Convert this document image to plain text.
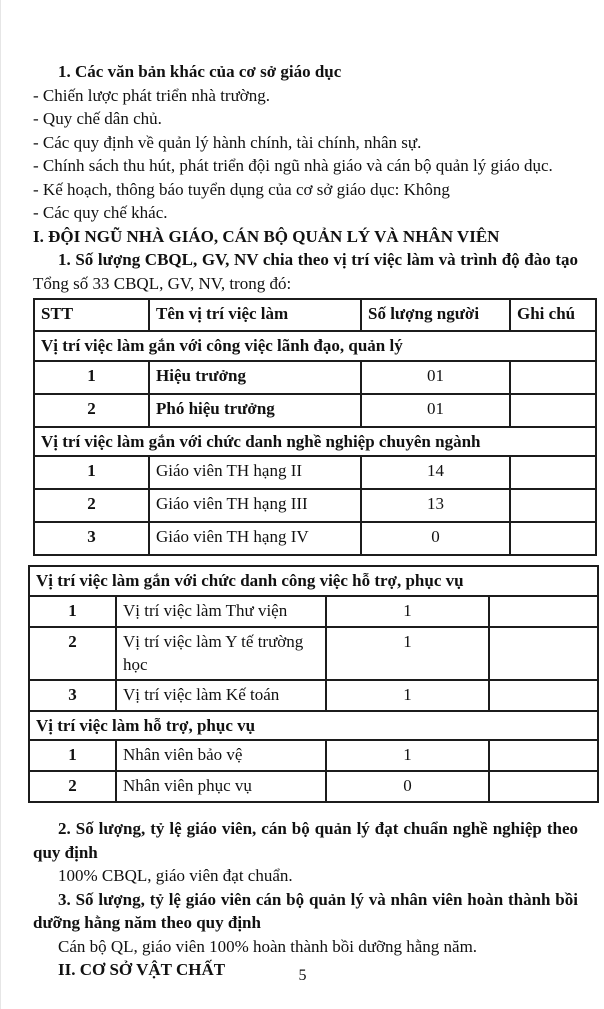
1. Các văn bản khác của cơ sở giáo dục

- Chiến lược phát triển nhà trường.

- Quy chế dân chủ.

- Các quy định về quản lý hành chính, tài chính, nhân sự.

- Chính sách thu hút, phát triển đội ngũ nhà giáo và cán bộ quản lý giáo dục.

- Kế hoạch, thông báo tuyển dụng của cơ sở giáo dục: Không

- Các quy chế khác.

I. ĐỘI NGŨ NHÀ GIÁO, CÁN BỘ QUẢN LÝ VÀ NHÂN VIÊN

1. Số lượng CBQL, GV, NV chia theo vị trí việc làm và trình độ đào tạo Tổng số 33 CBQL, GV, NV, trong đó:

STT	Tên vị trí việc làm	Số lượng người	Ghi chú
Vị trí việc làm gắn với công việc lãnh đạo, quản lý			
1	Hiệu trưởng	01	
2	Phó hiệu trưởng	01	
Vị trí việc làm gắn với chức danh nghề nghiệp chuyên ngành			
1	Giáo viên TH hạng II	14	
2	Giáo viên TH hạng III	13	
3	Giáo viên TH hạng IV	0	
Vị trí việc làm gắn với chức danh công việc hỗ trợ, phục vụ			
1	Vị trí việc làm Thư viện	1	
2	Vị trí việc làm Y tế trường học	1	
3	Vị trí việc làm Kế toán	1	
Vị trí việc làm hỗ trợ, phục vụ			
1	Nhân viên bảo vệ	1	
2	Nhân viên phục vụ	0	

2. Số lượng, tỷ lệ giáo viên, cán bộ quản lý đạt chuẩn nghề nghiệp theo quy định

100% CBQL, giáo viên đạt chuẩn.

3. Số lượng, tỷ lệ giáo viên cán bộ quản lý và nhân viên hoàn thành bồi dưỡng hằng năm theo quy định

Cán bộ QL, giáo viên 100% hoàn thành bồi dưỡng hằng năm.

II. CƠ SỞ VẬT CHẤT	5
